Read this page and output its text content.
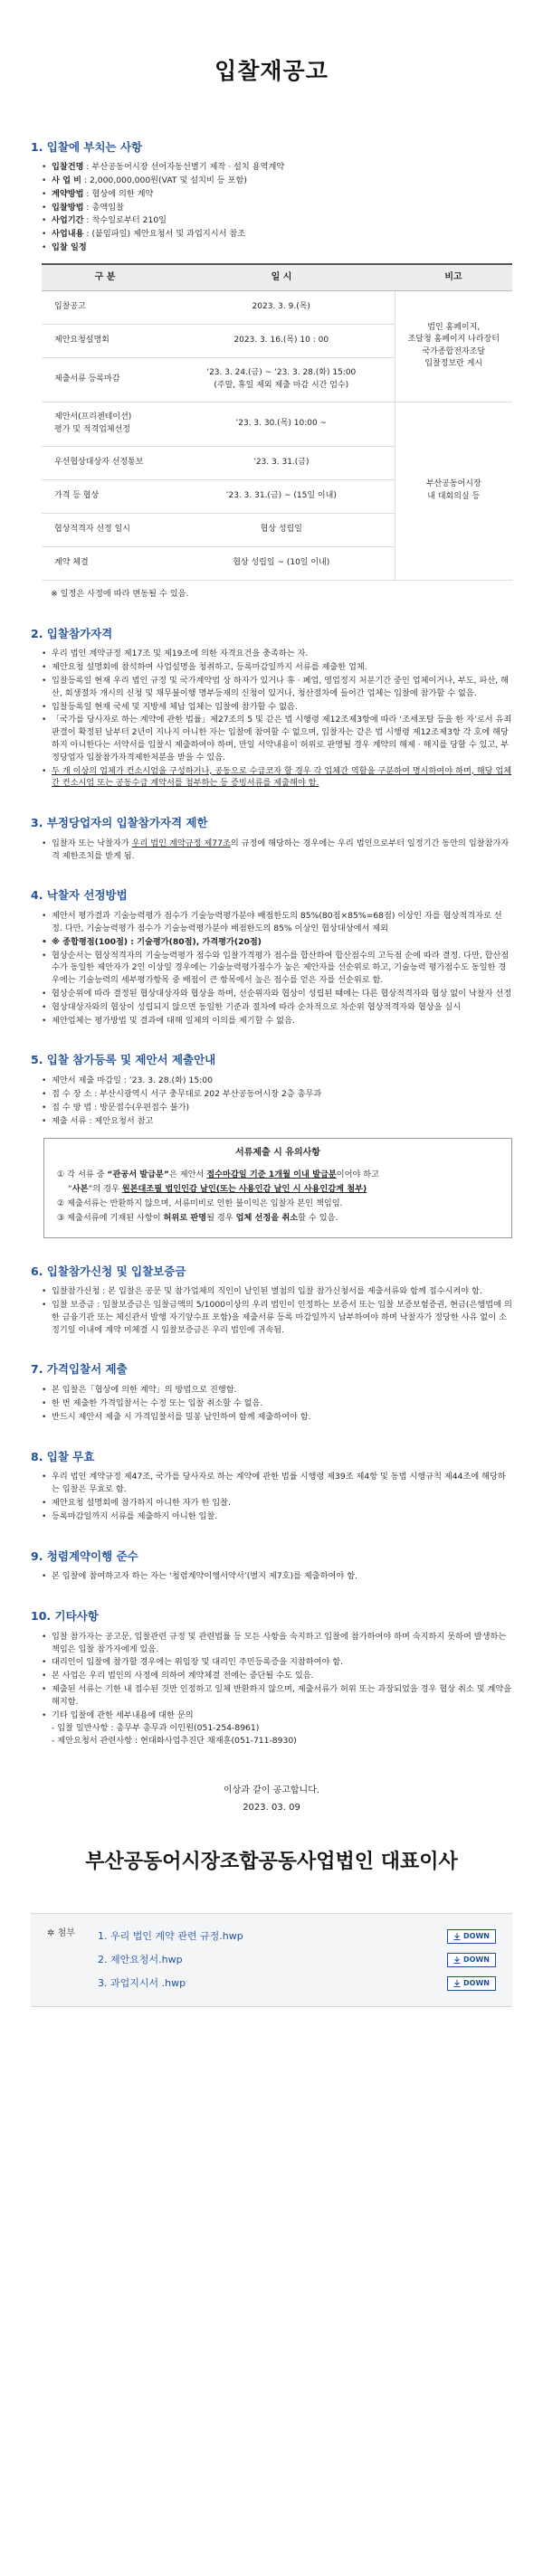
입찰재공고
1. 입찰에 부치는 사항
• 입찰건명 : 부산공동어시장 선어자동선별기 제작 · 설치 용역계약
• 사 업 비 : 2,000,000,000원(VAT 및 설치비 등 포함)
• 계약방법 : 협상에 의한 계약
• 입찰방법 : 총액입찰
• 사업기간 : 착수일로부터 210일
• 사업내용 : (붙임파일) 제안요청서 및 과업지시서 참조
• 입찰 일정
구 분	일 시	비고
입찰공고	2023. 3. 9.(목)	법인 홈페이지,
조달청 홈페이지 나라장터
국가종합전자조달
입찰정보란 게시
제안요청설명회	2023. 3. 16.(목) 10 : 00	
제출서류 등록마감	’23. 3. 24.(금) ~ ’23. 3. 28.(화) 15:00
(주말, 휴일 제외 제출 마감 시간 엄수)	
제안서(프리젠테이션)
평가 및 적격업체선정	’23. 3. 30.(목) 10:00 ~	부산공동어시장
내 대회의실 등
우선협상대상자 선정통보	’23. 3. 31.(금)	
가격 등 협상	’23. 3. 31.(금) ~ (15일 이내)	
협상적격자 선정 일시	협상 성립일	
계약 체결	협상 성립일 ~ (10일 이내)	
※ 일정은 사정에 따라 변동될 수 있음.
2. 입찰참가자격
• 우리 법인 계약규정 제17조 및 제19조에 의한 자격요건을 충족하는 자.
• 제안요청 설명회에 참석하여 사업설명을 청취하고, 등록마감일까지 서류를 제출한 업체.
• 입찰등록일 현재 우리 법인 규정 및 국가계약법 상 하자가 있거나 휴 · 폐업, 영업정지 처분기간 중인 업체이거나, 부도, 파산, 해산, 회생절차 개시의 신청 및 채무불이행 명부등재의 신청이 있거나, 청산절차에 들어간 업체는 입찰에 참가할 수 없음.
• 입찰등록일 현재 국세 및 지방세 체납 업체는 입찰에 참가할 수 없음.
• 「국가를 당사자로 하는 계약에 관한 법률」제27조의 5 및 같은 법 시행령 제12조제3항에 따라 ‘조세포탈 등을 한 자’로서 유죄판결이 확정된 날부터 2년이 지나지 아니한 자는 입찰에 참여할 수 없으며, 입찰자는 같은 법 시행령 제12조제3항 각 호에 해당하지 아니한다는 서약서를 입찰시 제출하여야 하며, 만일 서약내용이 허위로 판명될 경우 계약의 해제 · 해지를 당할 수 있고, 부정당업자 입찰참가자격제한처분을 받을 수 있음.
• 두 개 이상의 업체가 컨소시엄을 구성하거나, 공동으로 수급코자 할 경우 각 업체간 역할을 구분하여 명시하여야 하며, 해당 업체 간 컨소시엄 또는 공동수급 계약서를 첨부하는 등 증빙서류를 제출해야 함.
3. 부정당업자의 입찰참가자격 제한
• 입찰자 또는 낙찰자가 우리 법인 계약규정 제77조의 규정에 해당하는 경우에는 우리 법인으로부터 일정기간 동안의 입찰참가자격 제한조치를 받게 됨.
4. 낙찰자 선정방법
• 제안서 평가결과 기술능력평가 점수가 기술능력평가분야 배점한도의 85%(80점×85%=68점) 이상인 자를 협상적격자로 선정. 다만, 기술능력평가 점수가 기술능력평가분야 배점한도의 85% 이상인 협상대상에서 제외
• ※ 종합평점(100점) : 기술평가(80점), 가격평가(20점)
• 협상순서는 협상적격자의 기술능력평가 점수와 입찰가격평가 점수를 합산하여 합산점수의 고득점 순에 따라 결정. 다만, 합산점수가 동일한 제안자가 2인 이상일 경우에는 기술능력평가점수가 높은 제안자를 선순위로 하고, 기술능력 평가점수도 동일한 경우에는 기술능력의 세부평가항목 중 배점이 큰 항목에서 높은 점수를 얻은 자를 선순위로 함.
• 협상순위에 따라 결정된 협상대상자와 협상을 하며, 선순위자와 협상이 성립된 때에는 다른 협상적격자와 협상 없이 낙찰자 선정
• 협상대상자와의 협상이 성립되지 않으면 동일한 기준과 절차에 따라 순차적으로 차순위 협상적격자와 협상을 실시
• 제안업체는 평가방법 및 결과에 대해 일체의 이의를 제기할 수 없음.
5. 입찰 참가등록 및 제안서 제출안내
• 제안서 제출 마감일 : ’23. 3. 28.(화) 15:00
• 접 수 장 소 : 부산시광역시 서구 충무대로 202 부산공동어시장 2층 총무과
• 접 수 방 법 : 방문접수(우편접수 불가)
• 제출 서류 : 제안요청서 참고
서류제출 시 유의사항

① 각 서류 중 “관공서 발급분”은 제안서 접수마감일 기준 1개월 이내 발급분이어야 하고

“사본”의 경우 원본대조필 법인인감 날인(또는 사용인감 날인 시 사용인감계 첨부)

② 제출서류는 반환하지 않으며, 서류미비로 인한 불이익은 입찰자 본인 책임임.

③ 제출서류에 기재된 사항이 허위로 판명될 경우 업체 선정을 취소할 수 있음.

6. 입찰참가신청 및 입찰보증금
• 입찰참가신청 : 본 입찰은 공문 및 참가업체의 직인이 날인된 별첨의 입찰 참가신청서를 제출서류와 함께 접수시켜야 함.
• 입찰 보증금 : 입찰보증금은 입찰금액의 5/1000이상의 우리 법인이 인정하는 보증서 또는 입찰 보증보험증권, 현금(은행법에 의한 금융기관 또는 체신관서 발행 자기앞수표 포함)을 제출서류 등록 마감일까지 납부하여야 하며 낙찰자가 정당한 사유 없이 소정기일 이내에 계약 미체결 시 입찰보증금은 우리 법인에 귀속됨.
7. 가격입찰서 제출
• 본 입찰은「협상에 의한 계약」의 방법으로 진행함.
• 한 번 제출한 가격입찰서는 수정 또는 입찰 취소할 수 없음.
• 반드시 제안서 제출 시 가격입찰서를 밀봉 날인하여 함께 제출하여야 함.
8. 입찰 무효
• 우리 법인 계약규정 제47조, 국가를 당사자로 하는 계약에 관한 법률 시행령 제39조 제4항 및 동법 시행규칙 제44조에 해당하는 입찰은 무효로 함.
• 제안요청 설명회에 참가하지 아니한 자가 한 입찰.
• 등록마감일까지 서류를 제출하지 아니한 입찰.
9. 청렴계약이행 준수
• 본 입찰에 참여하고자 하는 자는 ‘청렴계약이행서약서’(별지 제7호)를 제출하여야 함.
10. 기타사항
• 입찰 참가자는 공고문, 입찰관련 규정 및 관련법률 등 모든 사항을 숙지하고 입찰에 참가하여야 하며 숙지하지 못하여 발생하는 책임은 입찰 참가자에게 있음.
• 대리인이 입찰에 참가할 경우에는 위임장 및 대리인 주민등록증을 지참하여야 함.
• 본 사업은 우리 법인의 사정에 의하여 계약체결 전에는 중단될 수도 있음.
• 제출된 서류는 기한 내 접수된 것만 인정하고 일체 반환하지 않으며, 제출서류가 허위 또는 과장되었을 경우 협상 취소 및 계약을 해지함.
• 기타 입찰에 관한 세부내용에 대한 문의
- 입찰 일반사항 : 총무부 총무과 이인원(051-254-8961)
- 제안요청서 관련사항 : 현대화사업추진단 채재훈(051-711-8930)
이상과 같이 공고합니다.
2023. 03. 09
부산공동어시장조합공동사업법인 대표이사
✲ 첨부	1. 우리 법인 계약 관련 규정.hwp	DOWN
2. 제안요청서.hwp	DOWN
3. 과업지시서 .hwp	DOWN
